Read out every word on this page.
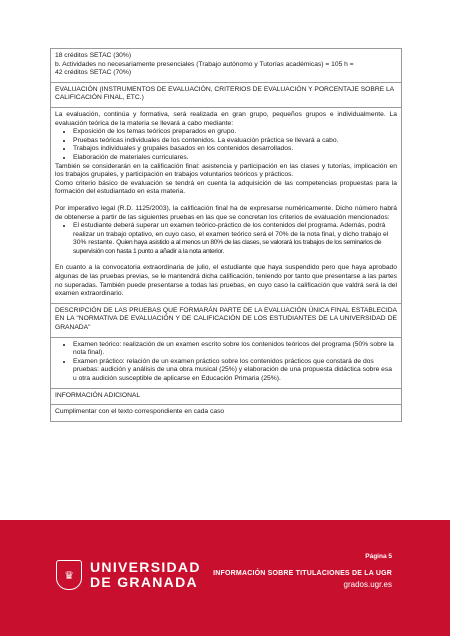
18 créditos SETAC (30%)

b. Actividades no necesariamente presenciales (Trabajo autónomo y Tutorías académicas) = 105 h =

42 créditos SETAC (70%)

EVALUACIÓN (INSTRUMENTOS DE EVALUACIÓN, CRITERIOS DE EVALUACIÓN Y PORCENTAJE SOBRE LA CALIFICACIÓN FINAL, ETC.)

La evaluación, continúa y formativa, será realizada en gran grupo, pequeños grupos e individualmente. La evaluación teórica de la materia se llevará a cabo mediante:

• Exposición de los temas teóricos preparados en grupo.
• Pruebas teóricas individuales de los contenidos. La evaluación práctica se llevará a cabo.
• Trabajos individuales y grupales basados en los contenidos desarrollados.
• Elaboración de materiales curriculares.

También se considerarán en la calificación final: asistencia y participación en las clases y tutorías, implicación en los trabajos grupales, y participación en trabajos voluntarios teóricos y prácticos.

Como criterio básico de evaluación se tendrá en cuenta la adquisición de las competencias propuestas para la formación del estudiantado en esta materia.

Por imperativo legal (R.D. 1125/2003), la calificación final ha de expresarse numéricamente. Dicho número habrá de obtenerse a partir de las siguientes pruebas en las que se concretan los criterios de evaluación mencionados:

• El estudiante deberá superar un examen teórico-práctico de los contenidos del programa. Además, podrá realizar un trabajo optativo, en cuyo caso, el examen teórico será el 70% de la nota final, y dicho trabajo el 30% restante. Quien haya asistido a al menos un 80% de las clases, se valorará los trabajos de los seminarios de supervisión con hasta 1 punto a añadir a la nota anterior.

En cuanto a la convocatoria extraordinaria de julio, el estudiante que haya suspendido pero que haya aprobado algunas de las pruebas previas, se le mantendrá dicha calificación, teniendo por tanto que presentarse a las partes no superadas. También puede presentarse a todas las pruebas, en cuyo caso la calificación que valdrá será la del examen extraordinario.

DESCRIPCIÓN DE LAS PRUEBAS QUE FORMARÁN PARTE DE LA EVALUACIÓN ÚNICA FINAL ESTABLECIDA EN LA "NORMATIVA DE EVALUACIÓN Y DE CALIFICACIÓN DE LOS ESTUDIANTES DE LA UNIVERSIDAD DE GRANADA"

• Examen teórico: realización de un examen escrito sobre los contenidos teóricos del programa (50% sobre la nota final).
• Examen práctico: relación de un examen práctico sobre los contenidos prácticos que constará de dos pruebas: audición y análisis de una obra musical (25%) y elaboración de una propuesta didáctica sobre esa u otra audición susceptible de aplicarse en Educación Primaria (25%).

INFORMACIÓN ADICIONAL

Cumplimentar con el texto correspondiente en cada caso

♛	UNIVERSIDAD
DE GRANADA
Página 5
INFORMACIÓN SOBRE TITULACIONES DE LA UGR
grados.ugr.es
